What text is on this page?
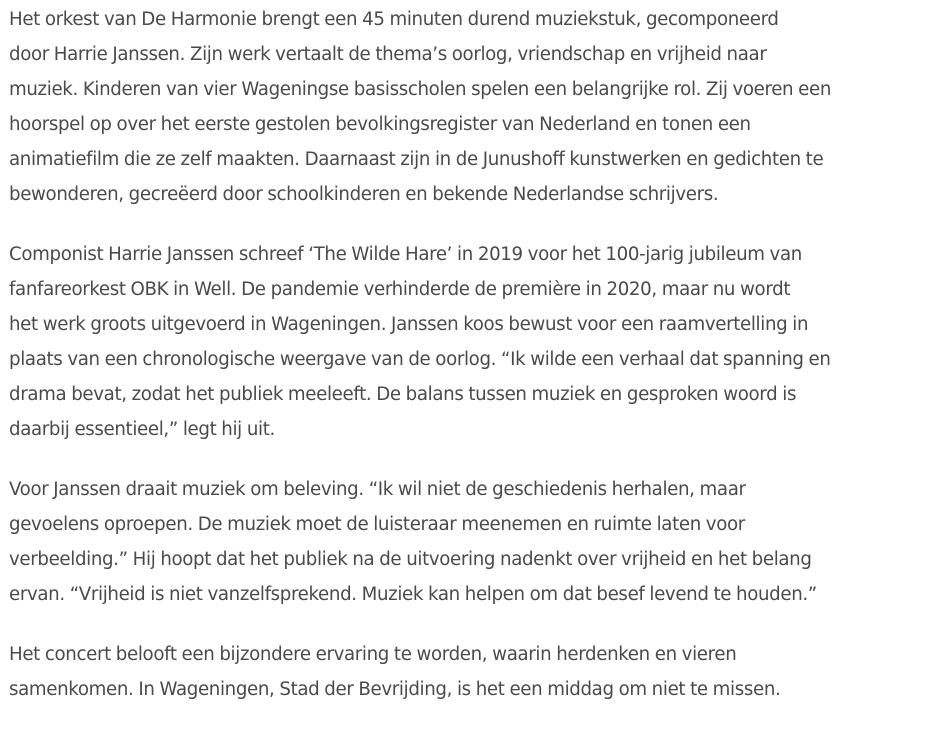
Het orkest van De Harmonie brengt een 45 minuten durend muziekstuk, gecomponeerd
door Harrie Janssen. Zijn werk vertaalt de thema’s oorlog, vriendschap en vrijheid naar
muziek. Kinderen van vier Wageningse basisscholen spelen een belangrijke rol. Zij voeren een
hoorspel op over het eerste gestolen bevolkingsregister van Nederland en tonen een
animatiefilm die ze zelf maakten. Daarnaast zijn in de Junushoff kunstwerken en gedichten te
bewonderen, gecreëerd door schoolkinderen en bekende Nederlandse schrijvers.

Componist Harrie Janssen schreef ‘The Wilde Hare’ in 2019 voor het 100-jarig jubileum van
fanfareorkest OBK in Well. De pandemie verhinderde de première in 2020, maar nu wordt
het werk groots uitgevoerd in Wageningen. Janssen koos bewust voor een raamvertelling in
plaats van een chronologische weergave van de oorlog. “Ik wilde een verhaal dat spanning en
drama bevat, zodat het publiek meeleeft. De balans tussen muziek en gesproken woord is
daarbij essentieel,” legt hij uit.

Voor Janssen draait muziek om beleving. “Ik wil niet de geschiedenis herhalen, maar
gevoelens oproepen. De muziek moet de luisteraar meenemen en ruimte laten voor
verbeelding.” Hij hoopt dat het publiek na de uitvoering nadenkt over vrijheid en het belang
ervan. “Vrijheid is niet vanzelfsprekend. Muziek kan helpen om dat besef levend te houden.”

Het concert belooft een bijzondere ervaring te worden, waarin herdenken en vieren
samenkomen. In Wageningen, Stad der Bevrijding, is het een middag om niet te missen.
